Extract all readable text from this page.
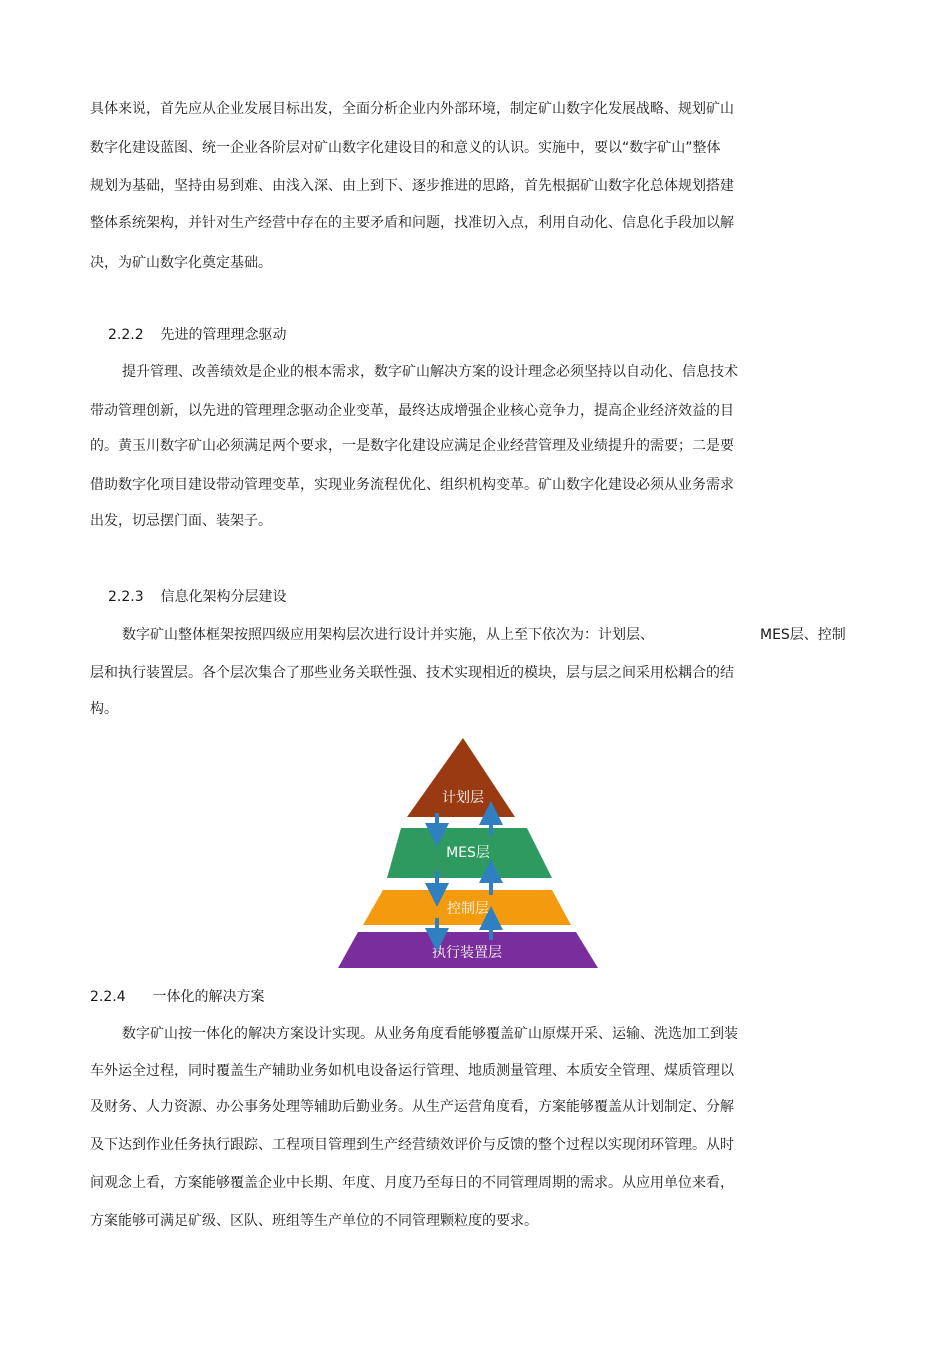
具体来说，首先应从企业发展目标出发，全面分析企业内外部环境，制定矿山数字化发展战略、规划矿山
数字化建设蓝图、统一企业各阶层对矿山数字化建设目的和意义的认识。实施中，要以“数字矿山”整体
规划为基础，坚持由易到难、由浅入深、由上到下、逐步推进的思路，首先根据矿山数字化总体规划搭建
整体系统架构，并针对生产经营中存在的主要矛盾和问题，找准切入点，利用自动化、信息化手段加以解
决，为矿山数字化奠定基础。
2.2.2 先进的管理理念驱动
提升管理、改善绩效是企业的根本需求，数字矿山解决方案的设计理念必须坚持以自动化、信息技术
带动管理创新，以先进的管理理念驱动企业变革，最终达成增强企业核心竞争力，提高企业经济效益的目
的。黄玉川数字矿山必须满足两个要求，一是数字化建设应满足企业经营管理及业绩提升的需要；二是要
借助数字化项目建设带动管理变革，实现业务流程优化、组织机构变革。矿山数字化建设必须从业务需求
出发，切忌摆门面、装架子。
2.2.3 信息化架构分层建设
数字矿山整体框架按照四级应用架构层次进行设计并实施，从上至下依次为：计划层、	MES层、控制
层和执行装置层。各个层次集合了那些业务关联性强、技术实现相近的模块，层与层之间采用松耦合的结
构。
计划层
MES层
控制层
执行装置层
2.2.4 一体化的解决方案
数字矿山按一体化的解决方案设计实现。从业务角度看能够覆盖矿山原煤开采、运输、洗选加工到装
车外运全过程，同时覆盖生产辅助业务如机电设备运行管理、地质测量管理、本质安全管理、煤质管理以
及财务、人力资源、办公事务处理等辅助后勤业务。从生产运营角度看，方案能够覆盖从计划制定、分解
及下达到作业任务执行跟踪、工程项目管理到生产经营绩效评价与反馈的整个过程以实现闭环管理。从时
间观念上看，方案能够覆盖企业中长期、年度、月度乃至每日的不同管理周期的需求。从应用单位来看，
方案能够可满足矿级、区队、班组等生产单位的不同管理颗粒度的要求。
